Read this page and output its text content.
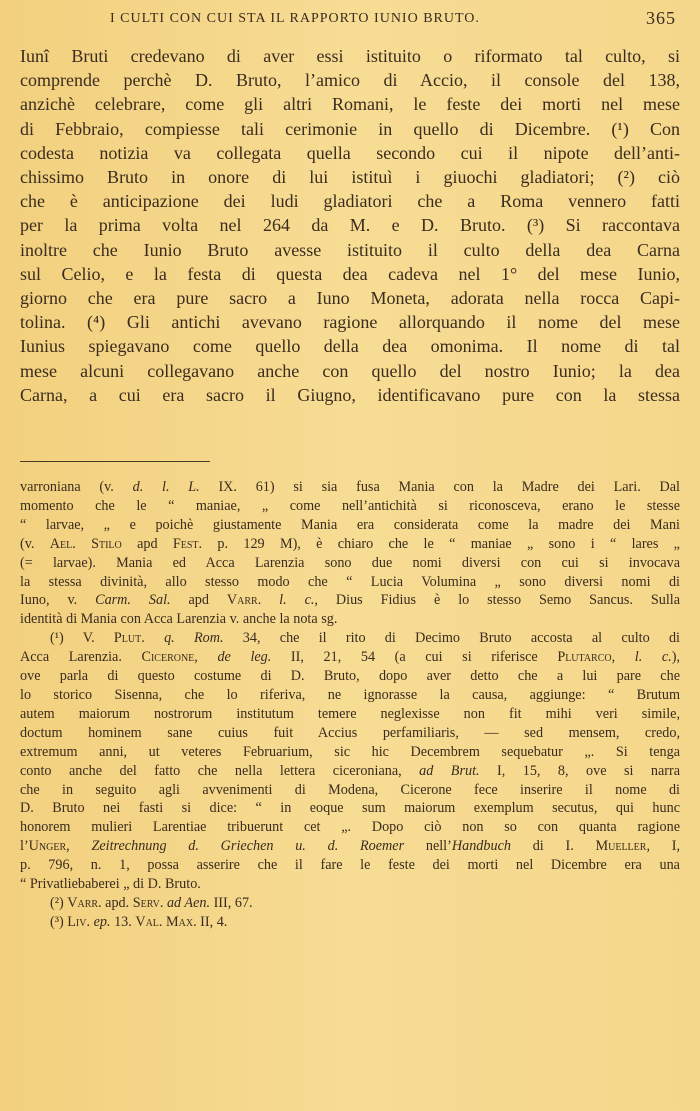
I CULTI CON CUI STA IL RAPPORTO IUNIO BRUTO.	365
Iunî Bruti credevano di aver essi istituito o riformato tal culto, si
comprende perchè D. Bruto, l’amico di Accio, il console del 138,
anzichè celebrare, come gli altri Romani, le feste dei morti nel mese
di Febbraio, compiesse tali cerimonie in quello di Dicembre. (¹) Con
codesta notizia va collegata quella secondo cui il nipote dell’anti-
chissimo Bruto in onore di lui istituì i giuochi gladiatori; (²) ciò
che è anticipazione dei ludi gladiatori che a Roma vennero fatti
per la prima volta nel 264 da M. e D. Bruto. (³) Si raccontava
inoltre che Iunio Bruto avesse istituito il culto della dea Carna
sul Celio, e la festa di questa dea cadeva nel 1° del mese Iunio,
giorno che era pure sacro a Iuno Moneta, adorata nella rocca Capi-
tolina. (⁴) Gli antichi avevano ragione allorquando il nome del mese
Iunius spiegavano come quello della dea omonima. Il nome di tal
mese alcuni collegavano anche con quello del nostro Iunio; la dea
Carna, a cui era sacro il Giugno, identificavano pure con la stessa
varroniana (v. d. l. L. IX. 61) si sia fusa Mania con la Madre dei Lari. Dal
momento che le “ maniae, „ come nell’antichità si riconosceva, erano le stesse
“ larvae, „ e poichè giustamente Mania era considerata come la madre dei Mani
(v. Ael. Stilo apd Fest. p. 129 M), è chiaro che le “ maniae „ sono i “ lares „
(= larvae). Mania ed Acca Larenzia sono due nomi diversi con cui si invocava
la stessa divinità, allo stesso modo che “ Lucia Volumina „ sono diversi nomi di
Iuno, v. Carm. Sal. apd Varr. l. c., Dius Fidius è lo stesso Semo Sancus. Sulla
identità di Mania con Acca Larenzia v. anche la nota sg.
(¹) V. Plut. q. Rom. 34, che il rito di Decimo Bruto accosta al culto di
Acca Larenzia. Cicerone, de leg. II, 21, 54 (a cui si riferisce Plutarco, l. c.),
ove parla di questo costume di D. Bruto, dopo aver detto che a lui pare che
lo storico Sisenna, che lo riferiva, ne ignorasse la causa, aggiunge: “ Brutum
autem maiorum nostrorum institutum temere neglexisse non fit mihi veri simile,
doctum hominem sane cuius fuit Accius perfamiliaris, — sed mensem, credo,
extremum anni, ut veteres Februarium, sic hic Decembrem sequebatur „. Si tenga
conto anche del fatto che nella lettera ciceroniana, ad Brut. I, 15, 8, ove si narra
che in seguito agli avvenimenti di Modena, Cicerone fece inserire il nome di
D. Bruto nei fasti si dice: “ in eoque sum maiorum exemplum secutus, qui hunc
honorem mulieri Larentiae tribuerunt cet „. Dopo ciò non so con quanta ragione
l’Unger, Zeitrechnung d. Griechen u. d. Roemer nell’Handbuch di I. Mueller, I,
p. 796, n. 1, possa asserire che il fare le feste dei morti nel Dicembre era una
“ Privatliebaberei „ di D. Bruto.
(²) Varr. apd. Serv. ad Aen. III, 67.
(³) Liv. ep. 13. Val. Max. II, 4.
